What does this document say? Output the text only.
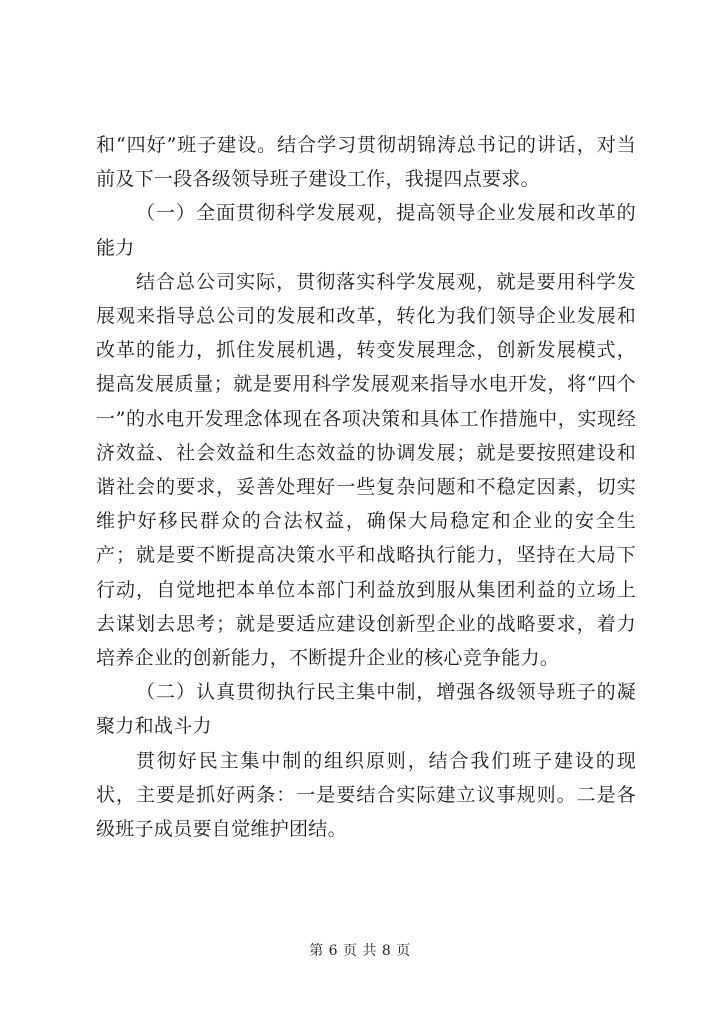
和“四好”班子建设。结合学习贯彻胡锦涛总书记的讲话，对当前及下一段各级领导班子建设工作，我提四点要求。

（一）全面贯彻科学发展观，提高领导企业发展和改革的能力

结合总公司实际，贯彻落实科学发展观，就是要用科学发展观来指导总公司的发展和改革，转化为我们领导企业发展和改革的能力，抓住发展机遇，转变发展理念，创新发展模式，提高发展质量；就是要用科学发展观来指导水电开发，将“四个一”的水电开发理念体现在各项决策和具体工作措施中，实现经济效益、社会效益和生态效益的协调发展；就是要按照建设和谐社会的要求，妥善处理好一些复杂问题和不稳定因素，切实维护好移民群众的合法权益，确保大局稳定和企业的安全生产；就是要不断提高决策水平和战略执行能力，坚持在大局下行动，自觉地把本单位本部门利益放到服从集团利益的立场上去谋划去思考；就是要适应建设创新型企业的战略要求，着力培养企业的创新能力，不断提升企业的核心竞争能力。

（二）认真贯彻执行民主集中制，增强各级领导班子的凝聚力和战斗力

贯彻好民主集中制的组织原则，结合我们班子建设的现状，主要是抓好两条：一是要结合实际建立议事规则。二是各级班子成员要自觉维护团结。

第 6 页 共 8 页
